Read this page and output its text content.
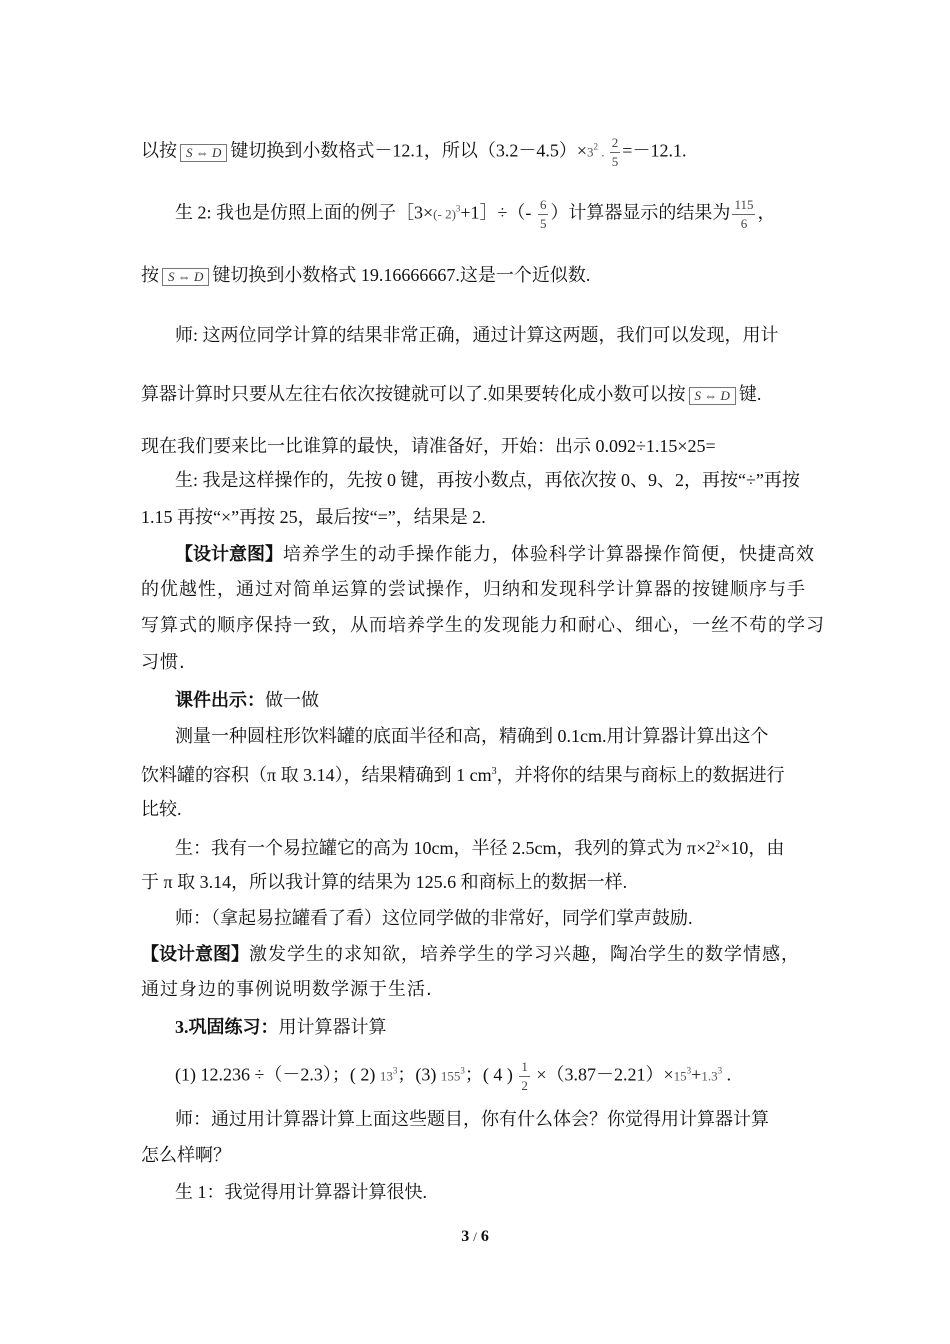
以按 S ⇔ D 键切换到小数格式－12.1，所以$(3.2-4.5)\times 3^2$ . $\frac{2}{5} =-12.1$.
生 2: 我也是仿照上面的例子［3×(- 2)$^3$+1］÷（- $\frac{6}{5}$ ）计算器显示的结果为 $\frac{115}{6}$ ，
按 S ⇔ D 键切换到小数格式 19.16666667.这是一个近似数.
师: 这两位同学计算的结果非常正确，通过计算这两题，我们可以发现，用计
算器计算时只要从左往右依次按键就可以了.如果要转化成小数可以按 S ⇔ D 键.
现在我们要来比一比谁算的最快，请准备好，开始：出示 0.092÷1.15×25=
生: 我是这样操作的，先按 0 键，再按小数点，再依次按 0、9、2，再按“÷”再按
1.15 再按“×”再按 25，最后按“=”，结果是 2.
【设计意图】培养学生的动手操作能力，体验科学计算器操作简便，快捷高效
的优越性，通过对简单运算的尝试操作，归纳和发现科学计算器的按键顺序与手
写算式的顺序保持一致，从而培养学生的发现能力和耐心、细心，一丝不苟的学习
习惯.
课件出示：做一做
测量一种圆柱形饮料罐的底面半径和高，精确到 0.1cm.用计算器计算出这个
饮料罐的容积（π 取 3.14），结果精确到 1 $cm^3$，并将你的结果与商标上的数据进行
比较.
生：我有一个易拉罐它的高为 10cm，半径 2.5cm，我列的算式为 $\pi\times 2^2\times 10$，由
于 π 取 3.14，所以我计算的结果为 125.6 和商标上的数据一样.
师：（拿起易拉罐看了看）这位同学做的非常好，同学们掌声鼓励.
【设计意图】激发学生的求知欲，培养学生的学习兴趣，陶冶学生的数学情感，
通过身边的事例说明数学源于生活.
3.巩固练习：用计算器计算
(1) 12.236 ÷（－2.3）；( 2) $13^3$；(3) $155^3$；( 4 ) $\frac{1}{2} \times(3.87-2.21)\times 15^3+1.3^3$ .
师：通过用计算器计算上面这些题目，你有什么体会？你觉得用计算器计算
怎么样啊？
生 1：我觉得用计算器计算很快.
3 / 6
